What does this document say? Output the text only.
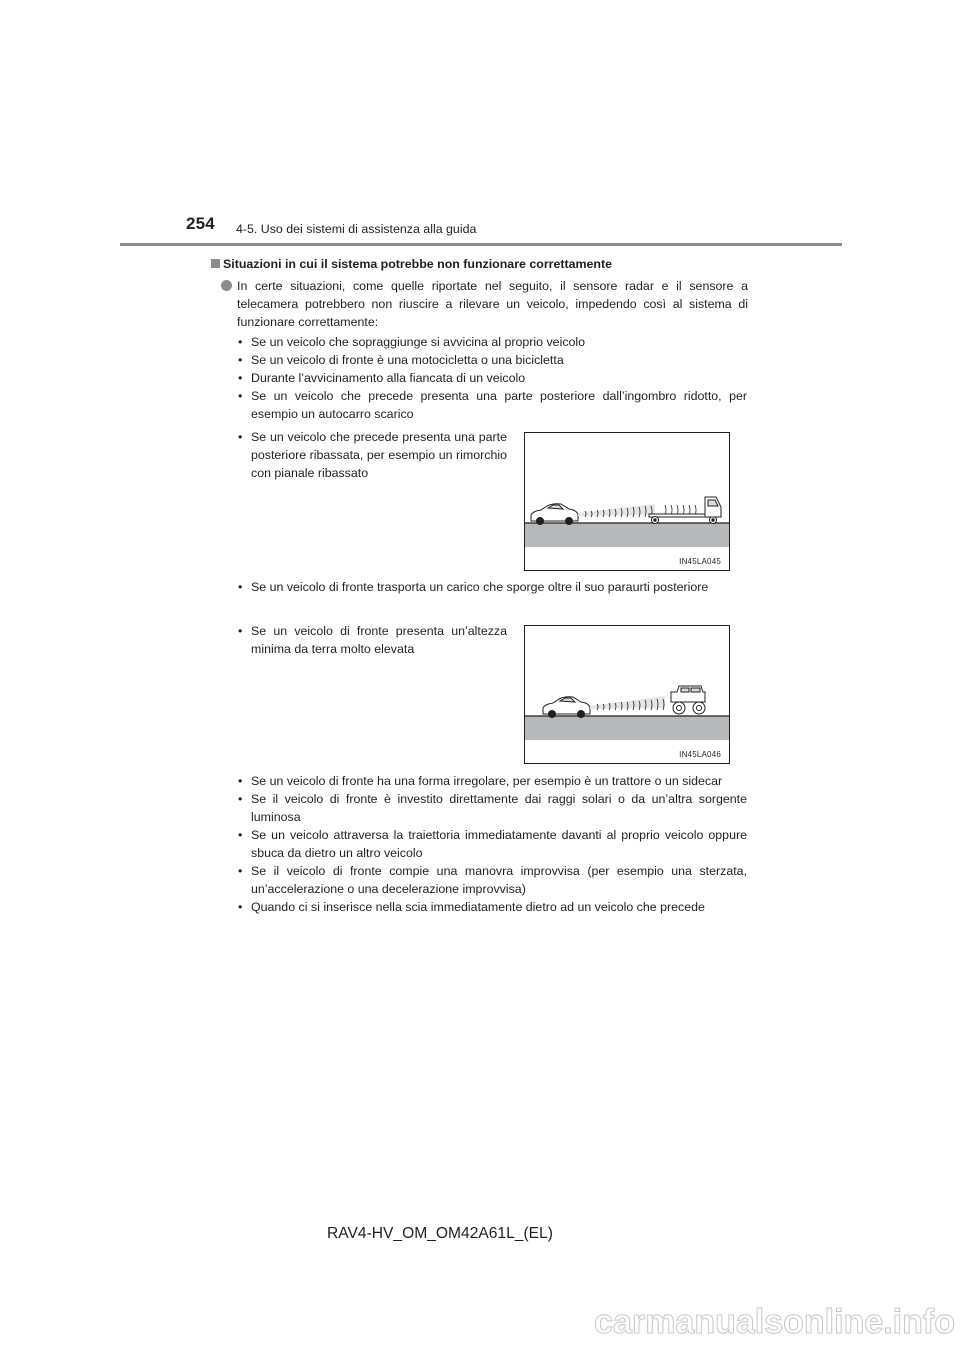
254 4-5. Uso dei sistemi di assistenza alla guida
Situazioni in cui il sistema potrebbe non funzionare correttamente
In certe situazioni, come quelle riportate nel seguito, il sensore radar e il sensore a telecamera potrebbero non riuscire a rilevare un veicolo, impedendo così al sistema di funzionare correttamente:
• Se un veicolo che sopraggiunge si avvicina al proprio veicolo
• Se un veicolo di fronte è una motocicletta o una bicicletta
• Durante l’avvicinamento alla fiancata di un veicolo
• Se un veicolo che precede presenta una parte posteriore dall’ingombro ridotto, per esempio un autocarro scarico
• Se un veicolo che precede presenta una parte posteriore ribassata, per esempio un rimorchio con pianale ribassato
IN45LA045
• Se un veicolo di fronte trasporta un carico che sporge oltre il suo paraurti posteriore
• Se un veicolo di fronte presenta un’altezza minima da terra molto elevata
IN45LA046
• Se un veicolo di fronte ha una forma irregolare, per esempio è un trattore o un sidecar
• Se il veicolo di fronte è investito direttamente dai raggi solari o da un’altra sorgente luminosa
• Se un veicolo attraversa la traiettoria immediatamente davanti al proprio veicolo oppure sbuca da dietro un altro veicolo
• Se il veicolo di fronte compie una manovra improvvisa (per esempio una sterzata, un’accelerazione o una decelerazione improvvisa)
• Quando ci si inserisce nella scia immediatamente dietro ad un veicolo che precede
RAV4-HV_OM_OM42A61L_(EL)
carmanualsonline.info
